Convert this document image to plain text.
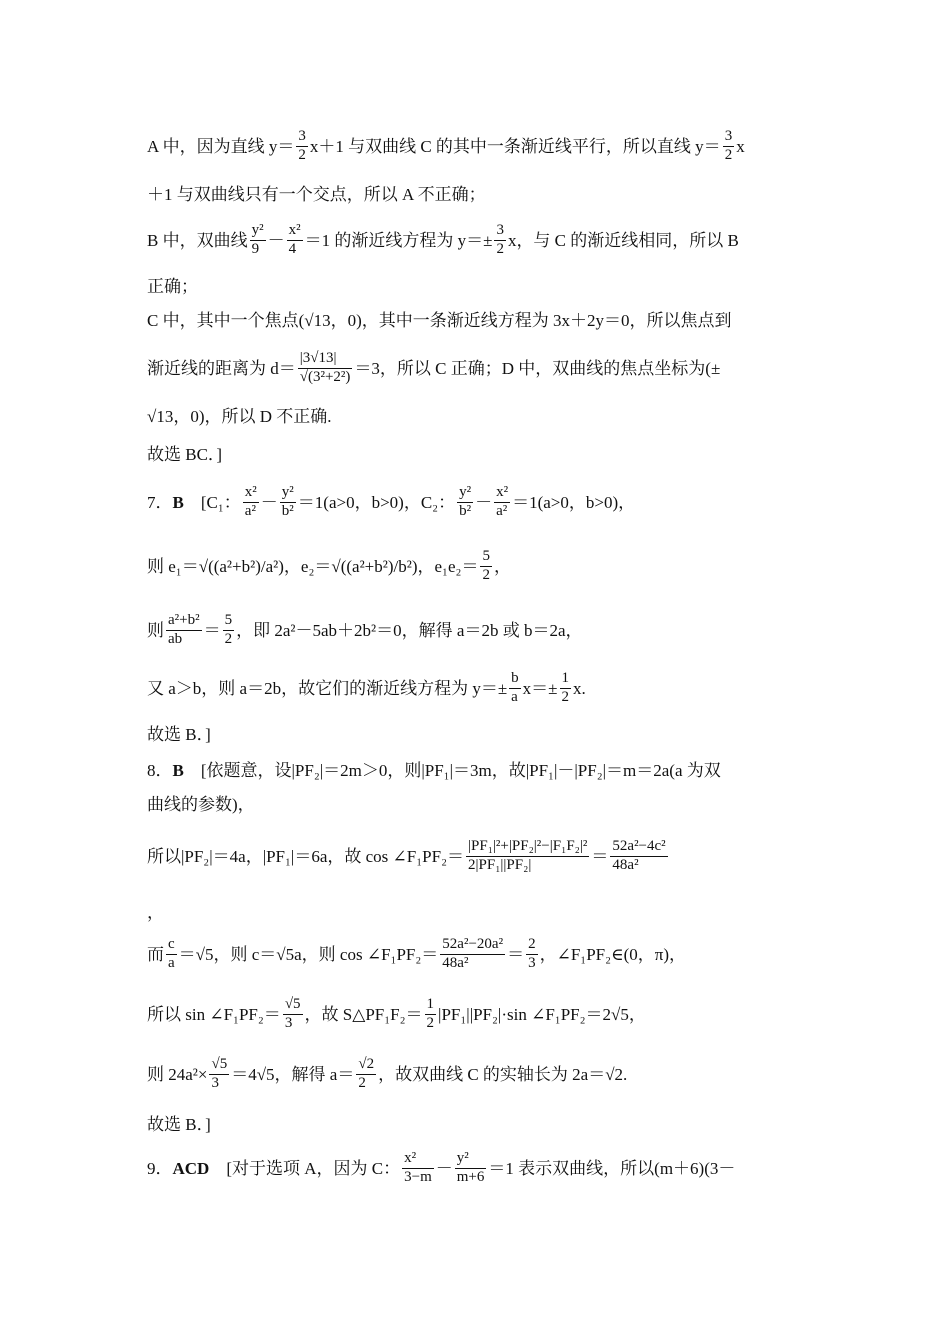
A 中，因为直线 $y= \frac{3}{2} x+1$ 与双曲线 C 的其中一条渐近线平行，所以直线 $y= \frac{3}{2}$ x
＋1 与双曲线只有一个交点，所以 A 不正确；
B 中，双曲线 $\frac{\text{y²}}{9} - \frac{\text{x²}}{4} =1$ 的渐近线方程为 $y=\pm \frac{3}{2}$ x，与 C 的渐近线相同，所以 B
正确；
C 中，其中一个焦点(√13，0)，其中一条渐近线方程为 3x＋2y＝0，所以焦点到
渐近线的距离为 $d= \frac{|3√13|}{\text{√(3²+2²)}} =3$，所以 C 正确；D 中，双曲线的焦点坐标为(±
√13，0)，所以 D 不正确.
故选 BC．]
7． B 　[C₁： $\frac{\text{x²}}{\text{a²}} - \frac{\text{y²}}{\text{b²}} =1(a>0$，b>0)，C₂： $\frac{\text{y²}}{\text{b²}} - \frac{\text{x²}}{\text{a²}} =1(a>0$，b>0)，
则 e₁＝ √((a²+b²)/a²) ，e₂＝ √((a²+b²)/b²) ，$e_1e_2= \frac{5}{2}$ ，
则 $\frac{\text{a²+b²}}{ab} = \frac{5}{2}$ ，即 2a²－5ab＋2b²＝0，解得 a＝2b 或 b＝2a，
又 a＞b，则 a＝2b，故它们的渐近线方程为 $y=\pm \frac{b}{a} x=\pm \frac{1}{2} x$.
故选 B．]
8． B 　[依题意，设|PF₂|＝2m＞0，则|PF₁|＝3m，故|PF₁|－|PF₂|＝m＝2a(a 为双
曲线的参数)，
所以|PF₂|＝4a，|PF₁|＝6a，故 cos ∠F₁PF₂＝ $\frac{\text{|PF₁|²+|PF₂|²−|F₁F₂|²}}{\text{2|PF₁||PF₂|}} = \frac{\text{52a²−4c²}}{\text{48a²}}$
，
而 $\frac{c}{a} =√5$，则 c＝√5a，则 cos ∠F₁PF₂＝ $\frac{\text{52a²−20a²}}{\text{48a²}} = \frac{2}{3}$ ，∠F₁PF₂∈(0，π)，
所以 sin ∠F₁PF₂＝ $\frac{√5}{3}$ ，故 S△PF₁F₂＝ $\frac{1}{2} |PF_1||PF_2|\cdot\sin$ ∠F₁PF₂＝2√5，
则 $24a^2\times \frac{√5}{3} =4√5$，解得 $a= \frac{√2}{2}$ ，故双曲线 C 的实轴长为 2a＝√2.
故选 B．]
9． ACD 　[对于选项 A，因为 C： $\frac{\text{x²}}{3-m} - \frac{\text{y²}}{m+6} =1$ 表示双曲线，所以(m＋6)(3－
